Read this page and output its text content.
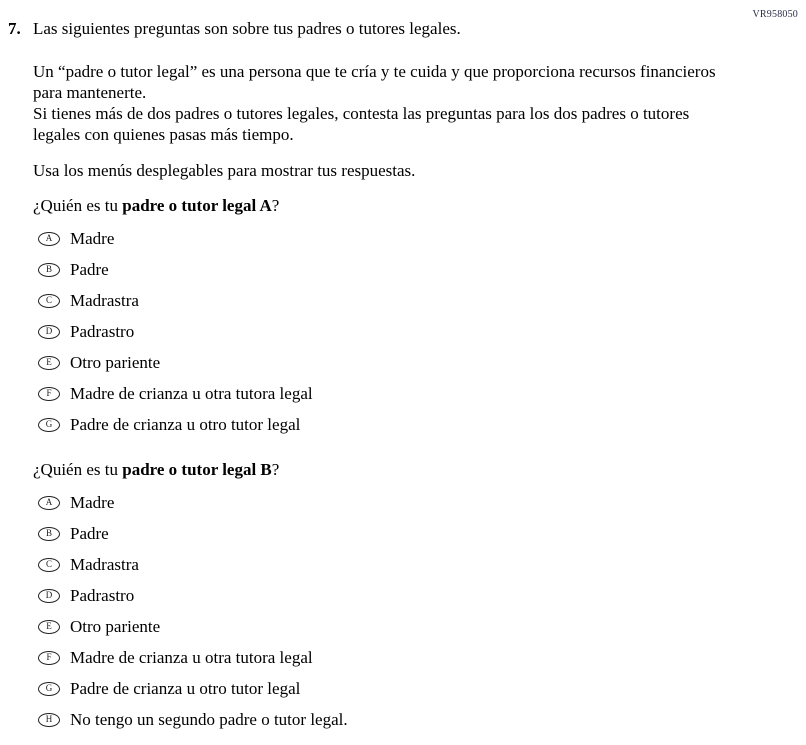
VR958050
7. Las siguientes preguntas son sobre tus padres o tutores legales.
Un “padre o tutor legal” es una persona que te cría y te cuida y que proporciona recursos financieros para mantenerte.
Si tienes más de dos padres o tutores legales, contesta las preguntas para los dos padres o tutores legales con quienes pasas más tiempo.
Usa los menús desplegables para mostrar tus respuestas.
¿Quién es tu padre o tutor legal A?
A	Madre
B	Padre
C	Madrastra
D	Padrastro
E	Otro pariente
F	Madre de crianza u otra tutora legal
G	Padre de crianza u otro tutor legal
¿Quién es tu padre o tutor legal B?
A	Madre
B	Padre
C	Madrastra
D	Padrastro
E	Otro pariente
F	Madre de crianza u otra tutora legal
G	Padre de crianza u otro tutor legal
H	No tengo un segundo padre o tutor legal.
